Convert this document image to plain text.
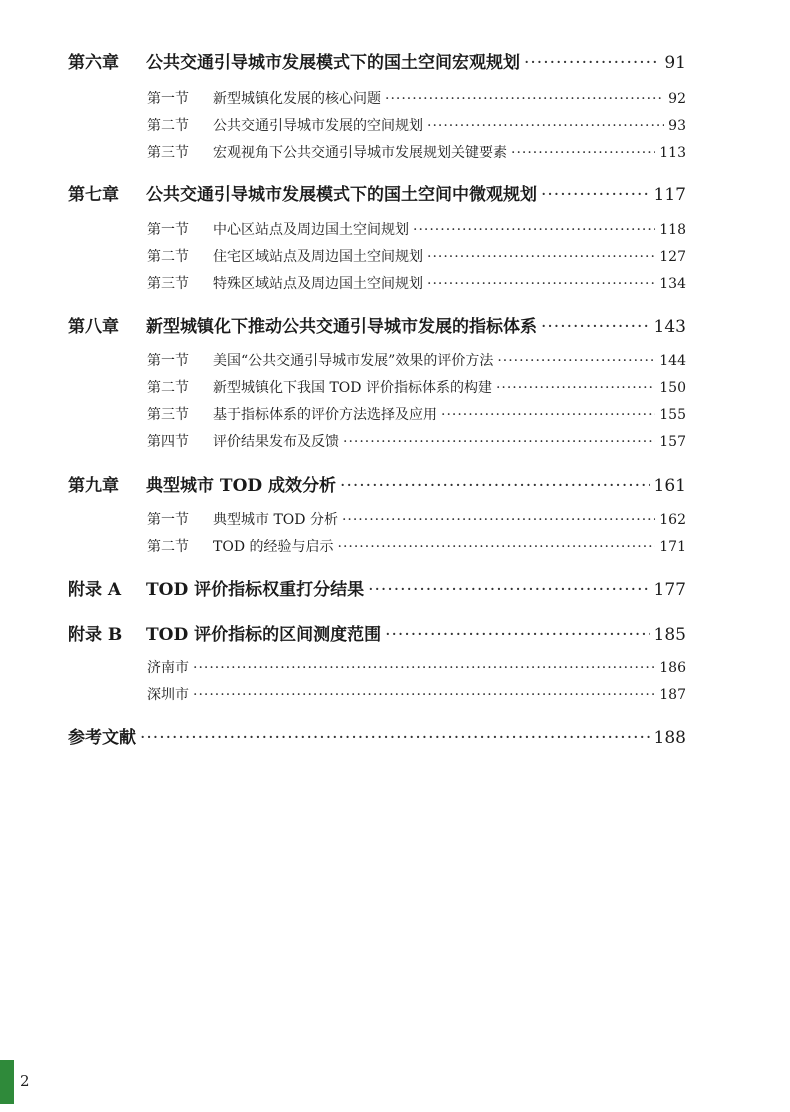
第六章	公共交通引导城市发展模式下的国土空间宏观规划 ·····	91
第一节	新型城镇化发展的核心问题 ·····	92
第二节	公共交通引导城市发展的空间规划 ·····	93
第三节	宏观视角下公共交通引导城市发展规划关键要素 ·····	113
第七章	公共交通引导城市发展模式下的国土空间中微观规划 ·····	117
第一节	中心区站点及周边国土空间规划 ·····	118
第二节	住宅区域站点及周边国土空间规划 ·····	127
第三节	特殊区域站点及周边国土空间规划 ·····	134
第八章	新型城镇化下推动公共交通引导城市发展的指标体系 ·····	143
第一节	美国“公共交通引导城市发展”效果的评价方法 ·····	144
第二节	新型城镇化下我国 TOD 评价指标体系的构建 ·····	150
第三节	基于指标体系的评价方法选择及应用 ·····	155
第四节	评价结果发布及反馈 ·····	157
第九章	典型城市 TOD 成效分析 ·····	161
第一节	典型城市 TOD 分析 ·····	162
第二节	TOD 的经验与启示 ·····	171
附录 A	TOD 评价指标权重打分结果 ·····	177
附录 B	TOD 评价指标的区间测度范围 ·····	185
济南市 ·····	186
深圳市 ·····	187
参考文献 ·····	188
2
